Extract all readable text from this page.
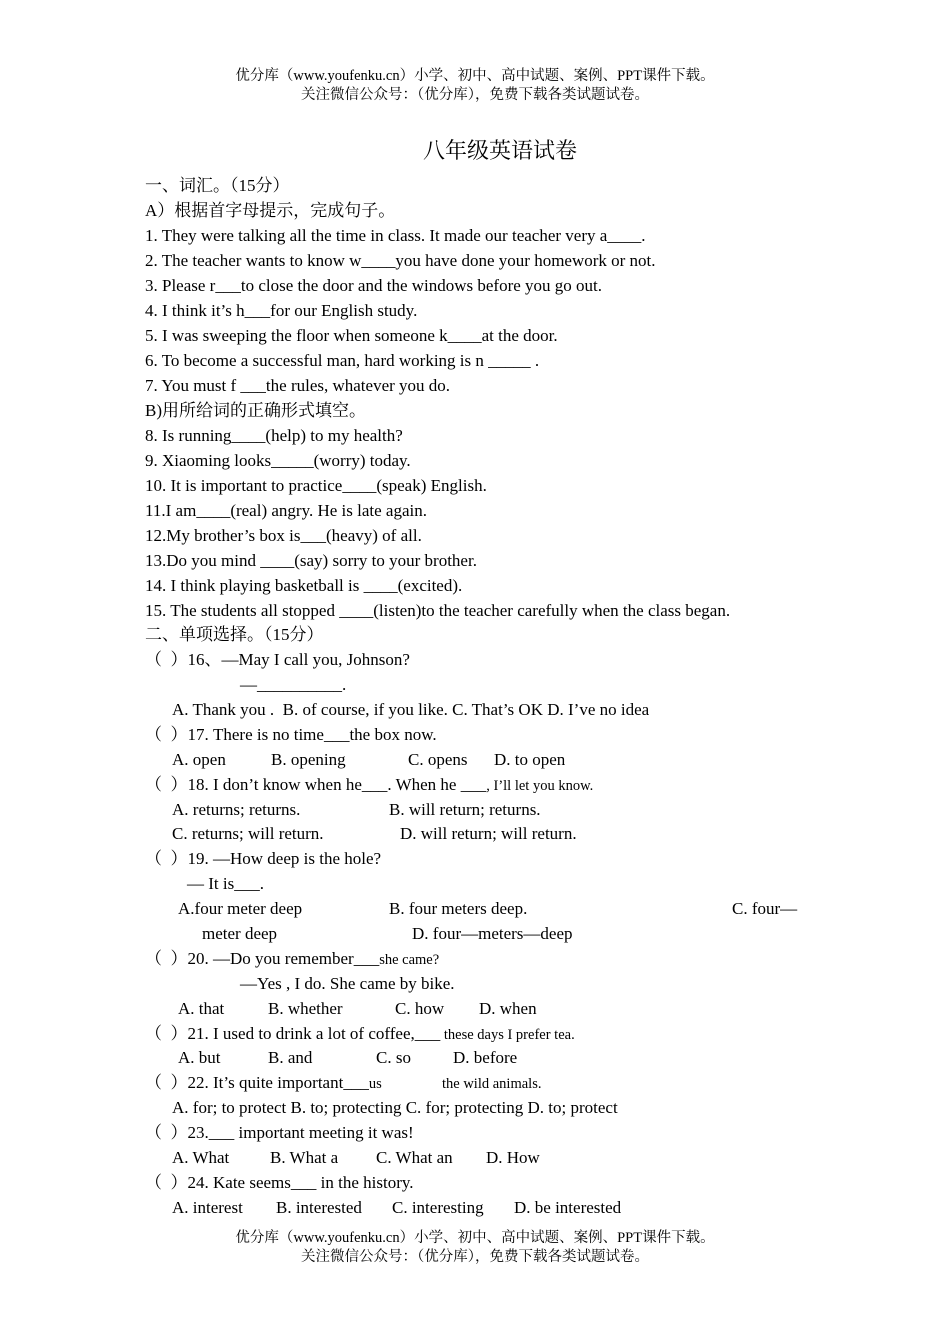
优分库（www.youfenku.cn）小学、初中、高中试题、案例、PPT课件下载。
关注微信公众号：（优分库），免费下载各类试题试卷。
八年级英语试卷
一、词汇。（15分）
A）根据首字母提示，完成句子。
1. They were talking all the time in class. It made our teacher very a____.
2. The teacher wants to know w____you have done your homework or not.
3. Please r___to close the door and the windows before you go out.
4. I think it’s h___for our English study.
5. I was sweeping the floor when someone k____at the door.
6. To become a successful man, hard working is n _____ .
7. You must f ___the rules, whatever you do.
B)用所给词的正确形式填空。
8. Is running____(help) to my health?
9. Xiaoming looks_____(worry) today.
10. It is important to practice____(speak) English.
11.I am____(real) angry. He is late again.
12.My brother’s box is___(heavy) of all.
13.Do you mind ____(say) sorry to your brother.
14. I think playing basketball is ____(excited).
15. The students all stopped ____(listen)to the teacher carefully when the class began.
二、单项选择。（15分）
（  ）16、—May I call you, Johnson?
—__________.
A. Thank you .  B. of course, if you like. C. That’s OK D. I’ve no idea
（  ）17. There is no time___the box now.
A. open	B. opening	C. opens D. to open
（  ）18. I don’t know when he___. When he ___, I’ll let you know.
A. returns; returns.	B. will return; returns.
C. returns; will return.	D. will return; will return.
（  ）19. —How deep is the hole?
— It is___.
A.four meter deep	B. four meters deep.	C. four—
meter deep	D. four—meters—deep
（  ）20. —Do you remember___she came?
—Yes , I do. She came by bike.
A. that	B. whether	C. how D. when
（  ）21. I used to drink a lot of coffee,___ these days I prefer tea.
A. but	B. and	C. so D. before
（  ）22. It’s quite important___us	the wild animals.
A. for; to protect B. to; protecting C. for; protecting D. to; protect
（  ）23.___ important meeting it was!
A. What B. What a C. What an D. How
（  ）24. Kate seems___ in the history.
A. interest B. interested C. interesting D. be interested
优分库（www.youfenku.cn）小学、初中、高中试题、案例、PPT课件下载。
关注微信公众号：（优分库），免费下载各类试题试卷。
